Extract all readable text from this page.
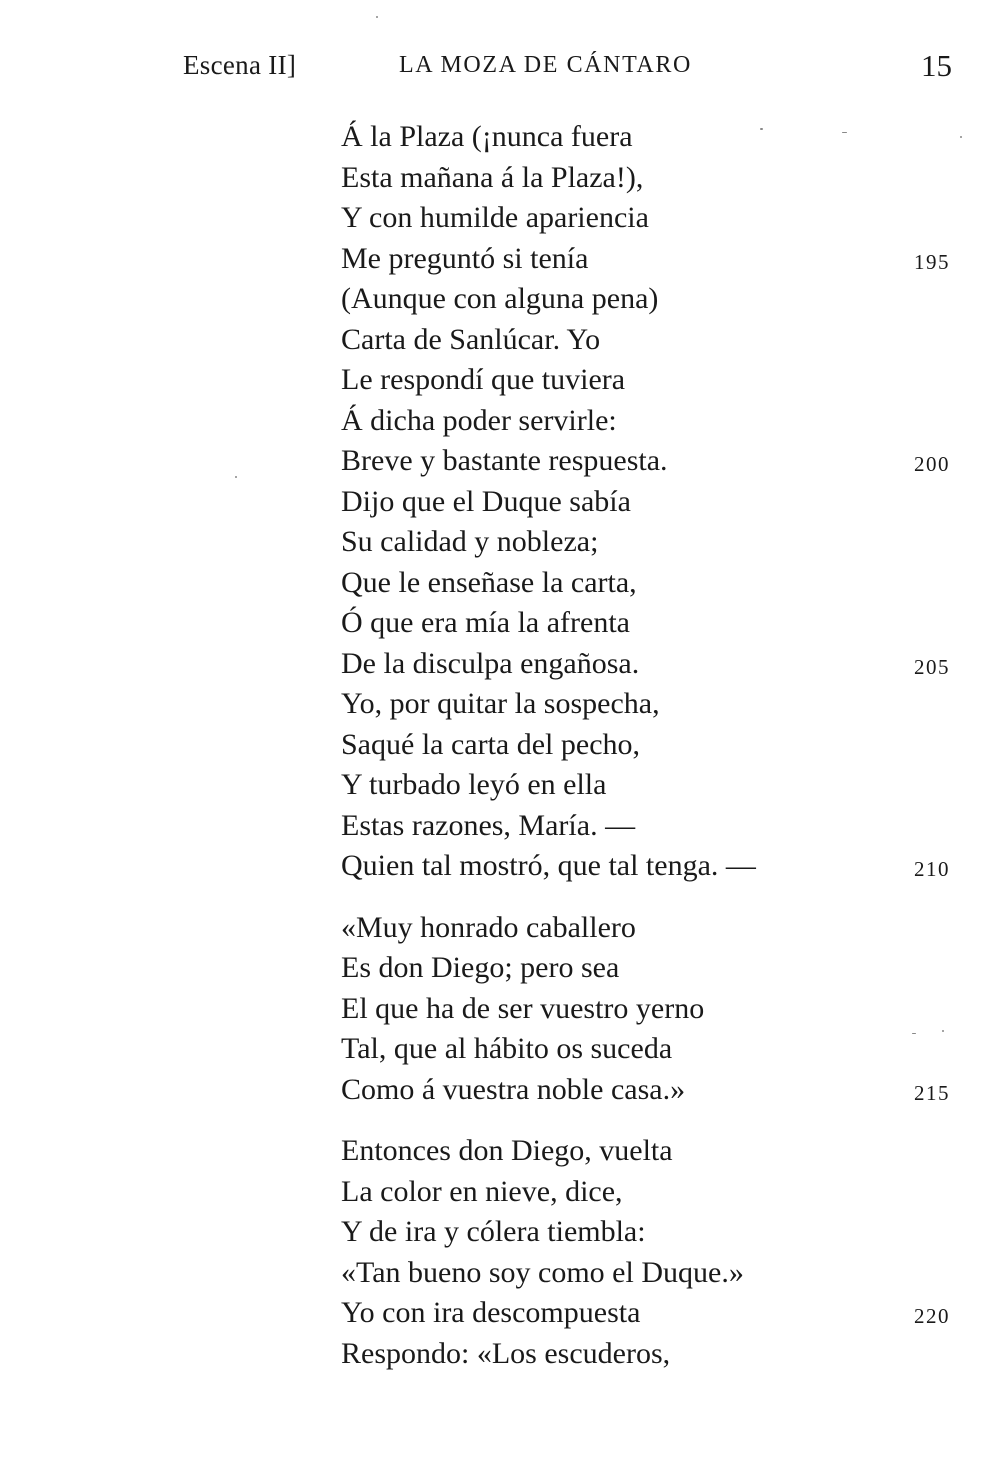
Escena II]	LA MOZA DE CÁNTARO	15
Á la Plaza (¡nunca fuera
Esta mañana á la Plaza!),
Y con humilde apariencia
Me preguntó si tenía	195
(Aunque con alguna pena)
Carta de Sanlúcar. Yo
Le respondí que tuviera
Á dicha poder servirle:
Breve y bastante respuesta.	200
Dijo que el Duque sabía
Su calidad y nobleza;
Que le enseñase la carta,
Ó que era mía la afrenta
De la disculpa engañosa.	205
Yo, por quitar la sospecha,
Saqué la carta del pecho,
Y turbado leyó en ella
Estas razones, María. —
Quien tal mostró, que tal tenga. —	210
«Muy honrado caballero
Es don Diego; pero sea
El que ha de ser vuestro yerno
Tal, que al hábito os suceda
Como á vuestra noble casa.»	215
Entonces don Diego, vuelta
La color en nieve, dice,
Y de ira y cólera tiembla:
«Tan bueno soy como el Duque.»
Yo con ira descompuesta	220
Respondo: «Los escuderos,
